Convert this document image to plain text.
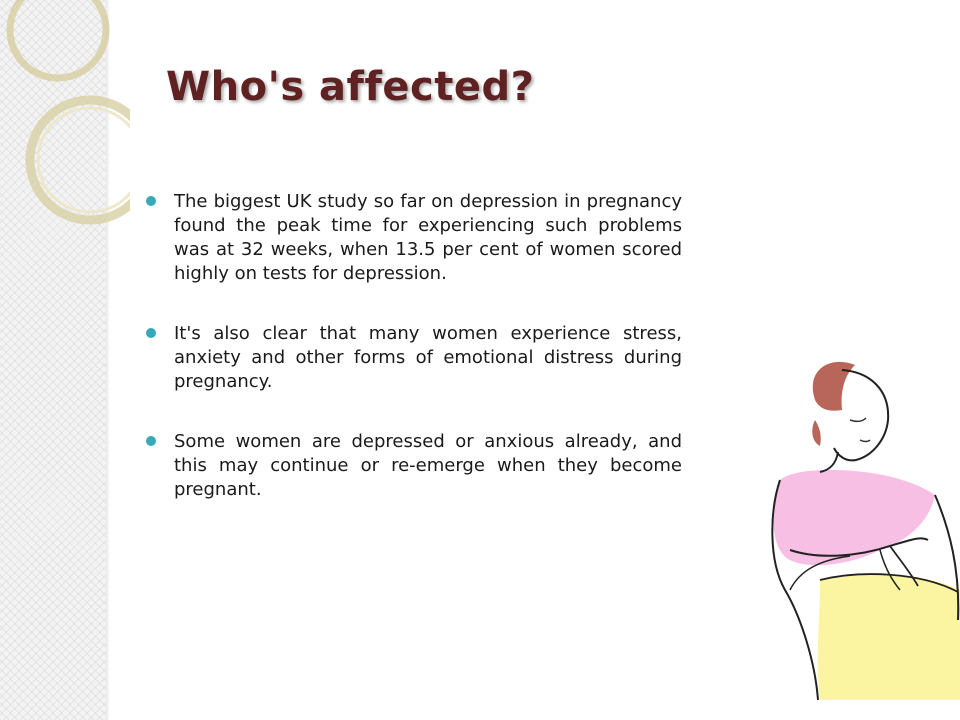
Who's affected?
The biggest UK study so far on depression in pregnancy found the peak time for experiencing such problems was at 32 weeks, when 13.5 per cent of women scored highly on tests for depression.
It's also clear that many women experience stress, anxiety and other forms of emotional distress during pregnancy.
Some women are depressed or anxious already, and this may continue or re-emerge when they become pregnant.
